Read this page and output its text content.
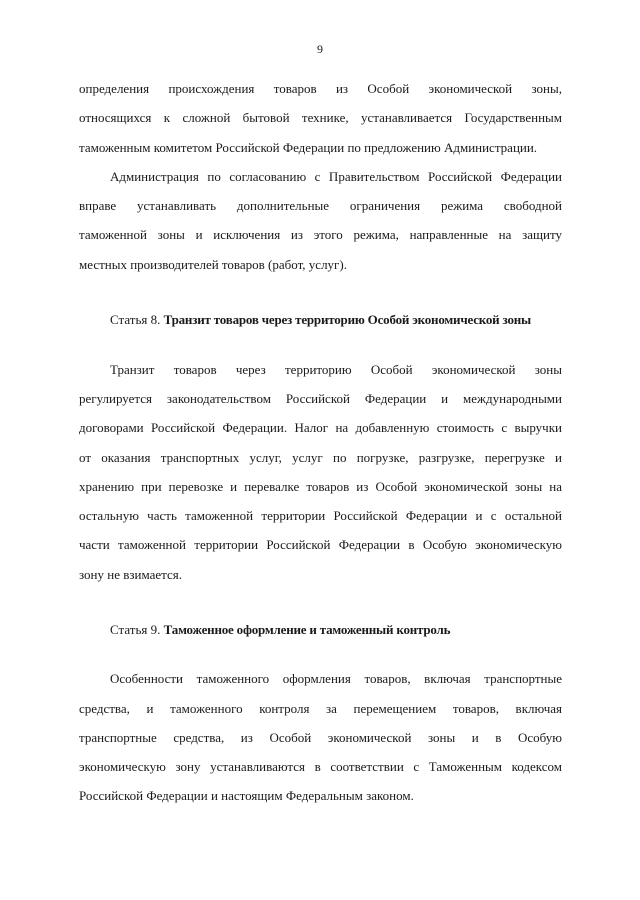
9
определения происхождения товаров из Особой экономической зоны,
относящихся к сложной бытовой технике, устанавливается Государственным
таможенным комитетом Российской Федерации по предложению Администрации.
Администрация по согласованию с Правительством Российской Федерации
вправе устанавливать дополнительные ограничения режима свободной
таможенной зоны и исключения из этого режима, направленные на защиту
местных производителей товаров (работ, услуг).
Статья 8. Транзит товаров через территорию Особой экономической зоны
Транзит товаров через территорию Особой экономической зоны
регулируется законодательством Российской Федерации и международными
договорами Российской Федерации. Налог на добавленную стоимость с выручки
от оказания транспортных услуг, услуг по погрузке, разгрузке, перегрузке и
хранению при перевозке и перевалке товаров из Особой экономической зоны на
остальную часть таможенной территории Российской Федерации и с остальной
части таможенной территории Российской Федерации в Особую экономическую
зону не взимается.
Статья 9. Таможенное оформление и таможенный контроль
Особенности таможенного оформления товаров, включая транспортные
средства, и таможенного контроля за перемещением товаров, включая
транспортные средства, из Особой экономической зоны и в Особую
экономическую зону устанавливаются в соответствии с Таможенным кодексом
Российской Федерации и настоящим Федеральным законом.
